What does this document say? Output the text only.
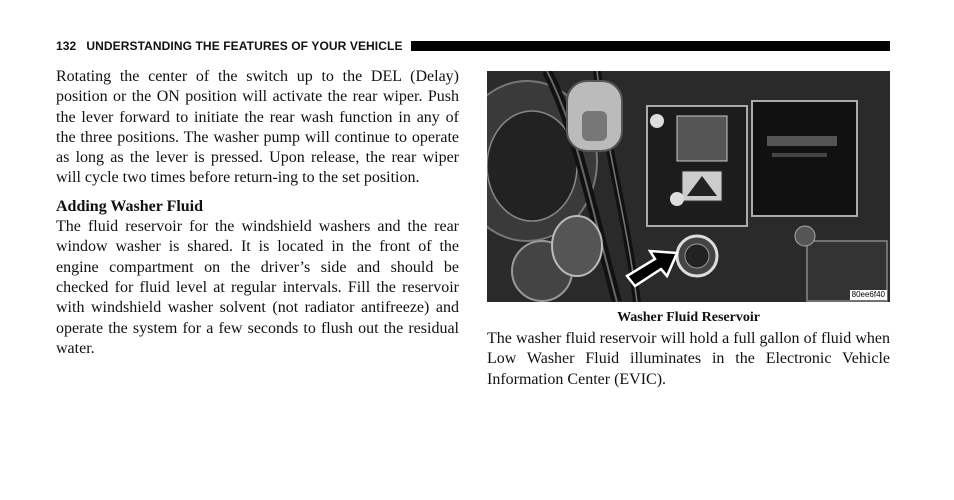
132 UNDERSTANDING THE FEATURES OF YOUR VEHICLE

Rotating the center of the switch up to the DEL (Delay) position or the ON position will activate the rear wiper. Push the lever forward to initiate the rear wash function in any of the three positions. The washer pump will continue to operate as long as the lever is pressed. Upon release, the rear wiper will cycle two times before return-ing to the set position.

Adding Washer Fluid

The fluid reservoir for the windshield washers and the rear window washer is shared. It is located in the front of the engine compartment on the driver’s side and should be checked for fluid level at regular intervals. Fill the reservoir with windshield washer solvent (not radiator antifreeze) and operate the system for a few seconds to flush out the residual water.

80ee6f40
Washer Fluid Reservoir

The washer fluid reservoir will hold a full gallon of fluid when Low Washer Fluid illuminates in the Electronic Vehicle Information Center (EVIC).
